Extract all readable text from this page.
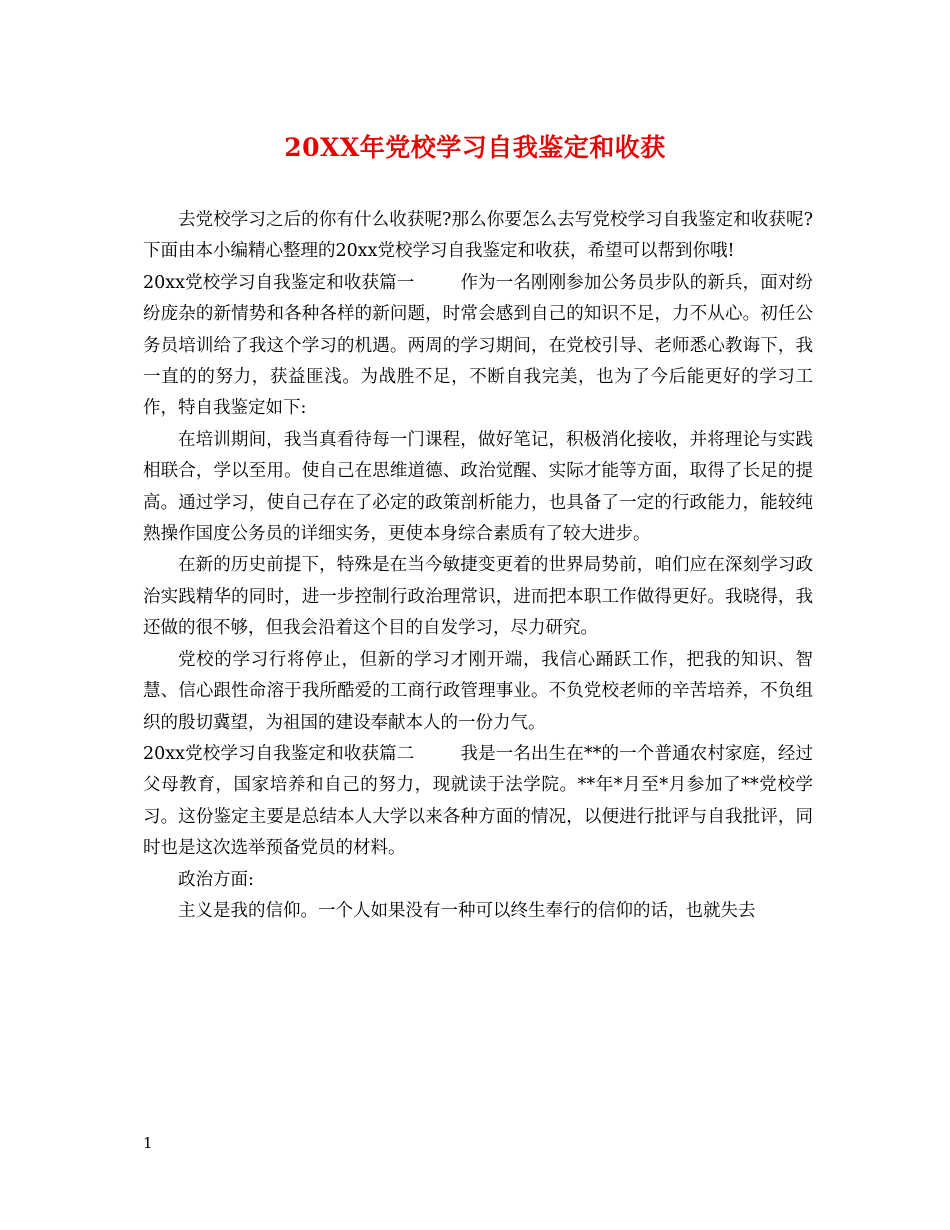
20XX年党校学习自我鉴定和收获

去党校学习之后的你有什么收获呢?那么你要怎么去写党校学习自我鉴定和收获呢?下面由本小编精心整理的20xx党校学习自我鉴定和收获，希望可以帮到你哦!

20xx党校学习自我鉴定和收获篇一	作为一名刚刚参加公务员步队的新兵，面对纷纷庞杂的新情势和各种各样的新问题，时常会感到自己的知识不足，力不从心。初任公务员培训给了我这个学习的机遇。两周的学习期间，在党校引导、老师悉心教诲下，我一直的的努力，获益匪浅。为战胜不足，不断自我完美，也为了今后能更好的学习工作，特自我鉴定如下:

在培训期间，我当真看待每一门课程，做好笔记，积极消化接收，并将理论与实践相联合，学以至用。使自己在思维道德、政治觉醒、实际才能等方面，取得了长足的提高。通过学习，使自己存在了必定的政策剖析能力，也具备了一定的行政能力，能较纯熟操作国度公务员的详细实务，更使本身综合素质有了较大进步。

在新的历史前提下，特殊是在当今敏捷变更着的世界局势前，咱们应在深刻学习政治实践精华的同时，进一步控制行政治理常识，进而把本职工作做得更好。我晓得，我还做的很不够，但我会沿着这个目的自发学习，尽力研究。

党校的学习行将停止，但新的学习才刚开端，我信心踊跃工作，把我的知识、智慧、信心跟性命溶于我所酷爱的工商行政管理事业。不负党校老师的辛苦培养，不负组织的殷切冀望，为祖国的建设奉献本人的一份力气。

20xx党校学习自我鉴定和收获篇二	我是一名出生在**的一个普通农村家庭，经过父母教育，国家培养和自己的努力，现就读于法学院。**年*月至*月参加了**党校学习。这份鉴定主要是总结本人大学以来各种方面的情况，以便进行批评与自我批评，同时也是这次选举预备党员的材料。

政治方面:

主义是我的信仰。一个人如果没有一种可以终生奉行的信仰的话，也就失去

1
